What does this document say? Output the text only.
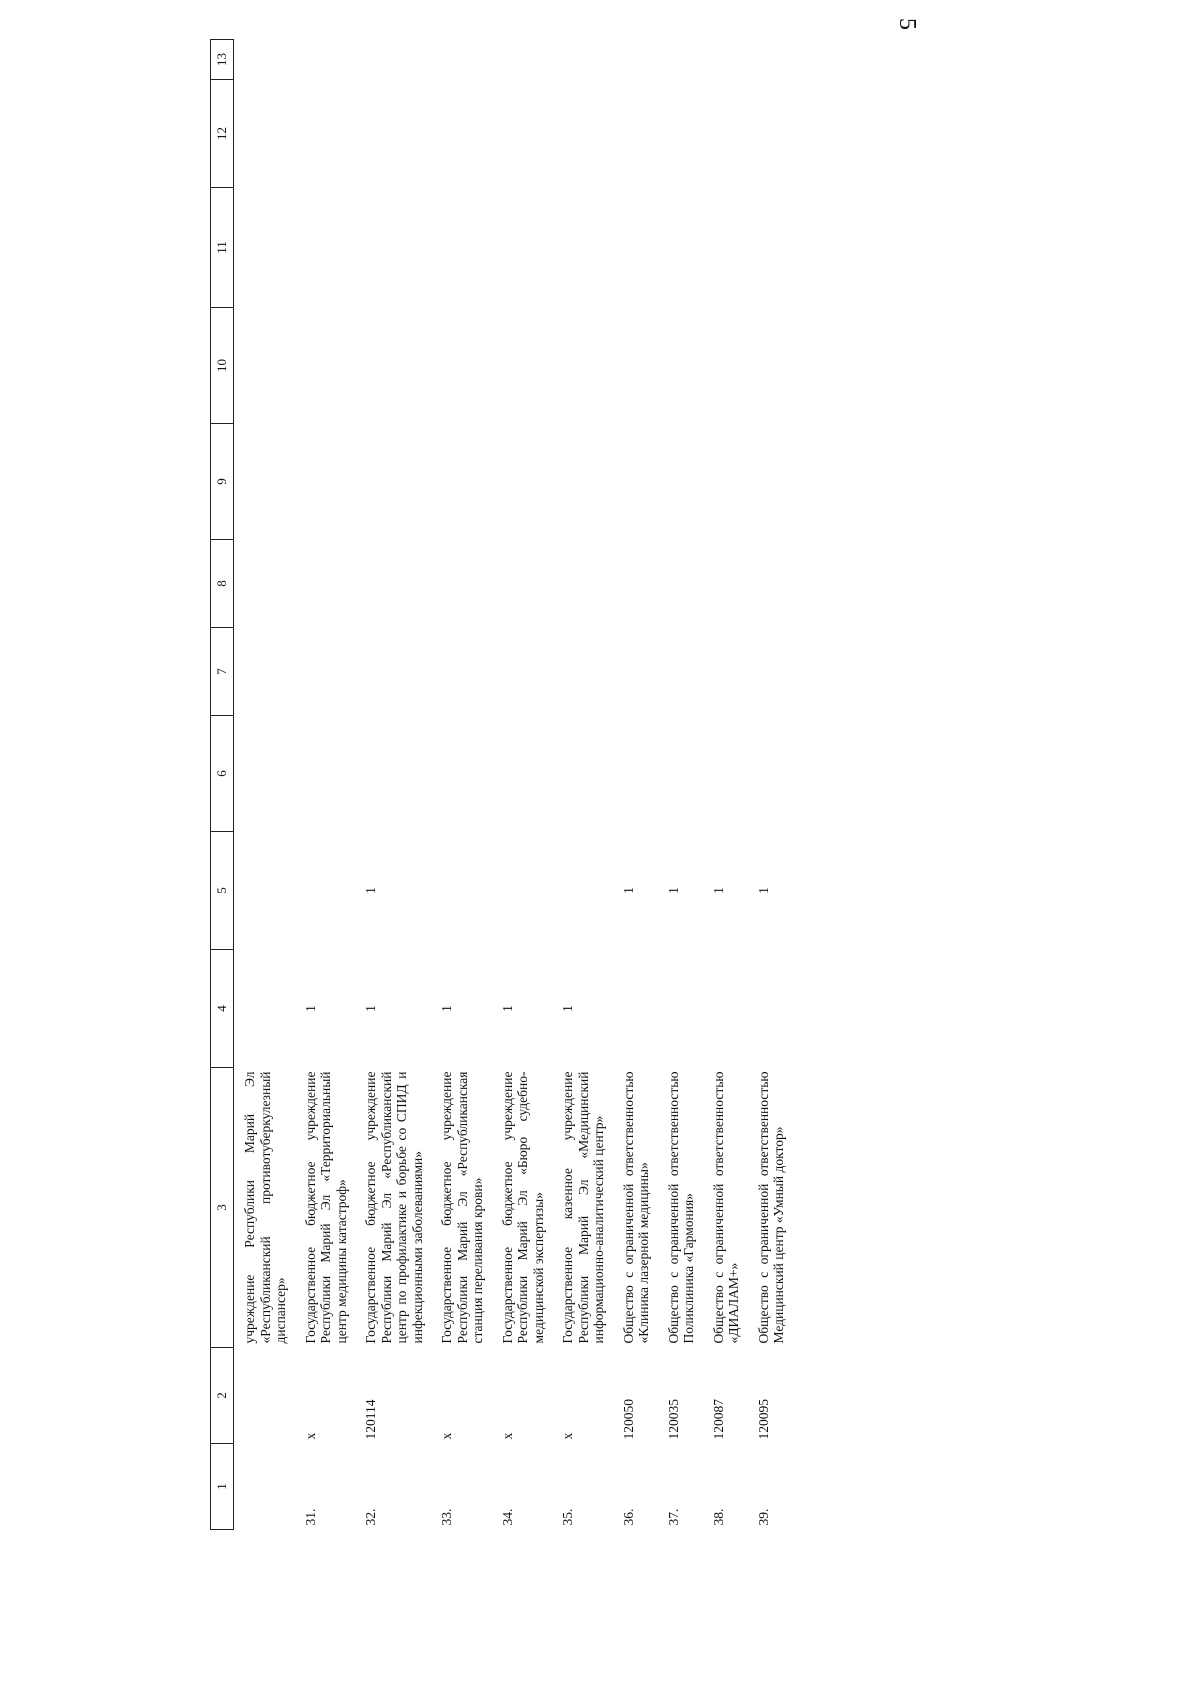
5
1	2	3	4	5	6	7	8	9	10	11	12	13
		учреждение Республики Марий Эл «Республиканский противотуберкулезный диспансер»										
31.	x	Государственное бюджетное учреждение Республики Марий Эл «Территориальный центр медицины катастроф»	1									
32.	120114	Государственное бюджетное учреждение Республики Марий Эл «Республиканский центр по профилактике и борьбе со СПИД и инфекционными заболеваниями»	1	1								
33.	x	Государственное бюджетное учреждение Республики Марий Эл «Республиканская станция переливания крови»	1									
34.	x	Государственное бюджетное учреждение Республики Марий Эл «Бюро судебно-медицинской экспертизы»	1									
35.	x	Государственное казенное учреждение Республики Марий Эл «Медицинский информационно-аналитический центр»	1									
36.	120050	Общество с ограниченной ответственностью «Клиника лазерной медицины»		1								
37.	120035	Общество с ограниченной ответственностью Поликлиника «Гармония»		1								
38.	120087	Общество с ограниченной ответственностью «ДИАЛАМ+»		1								
39.	120095	Общество с ограниченной ответственностью Медицинский центр «Умный доктор»		1								
